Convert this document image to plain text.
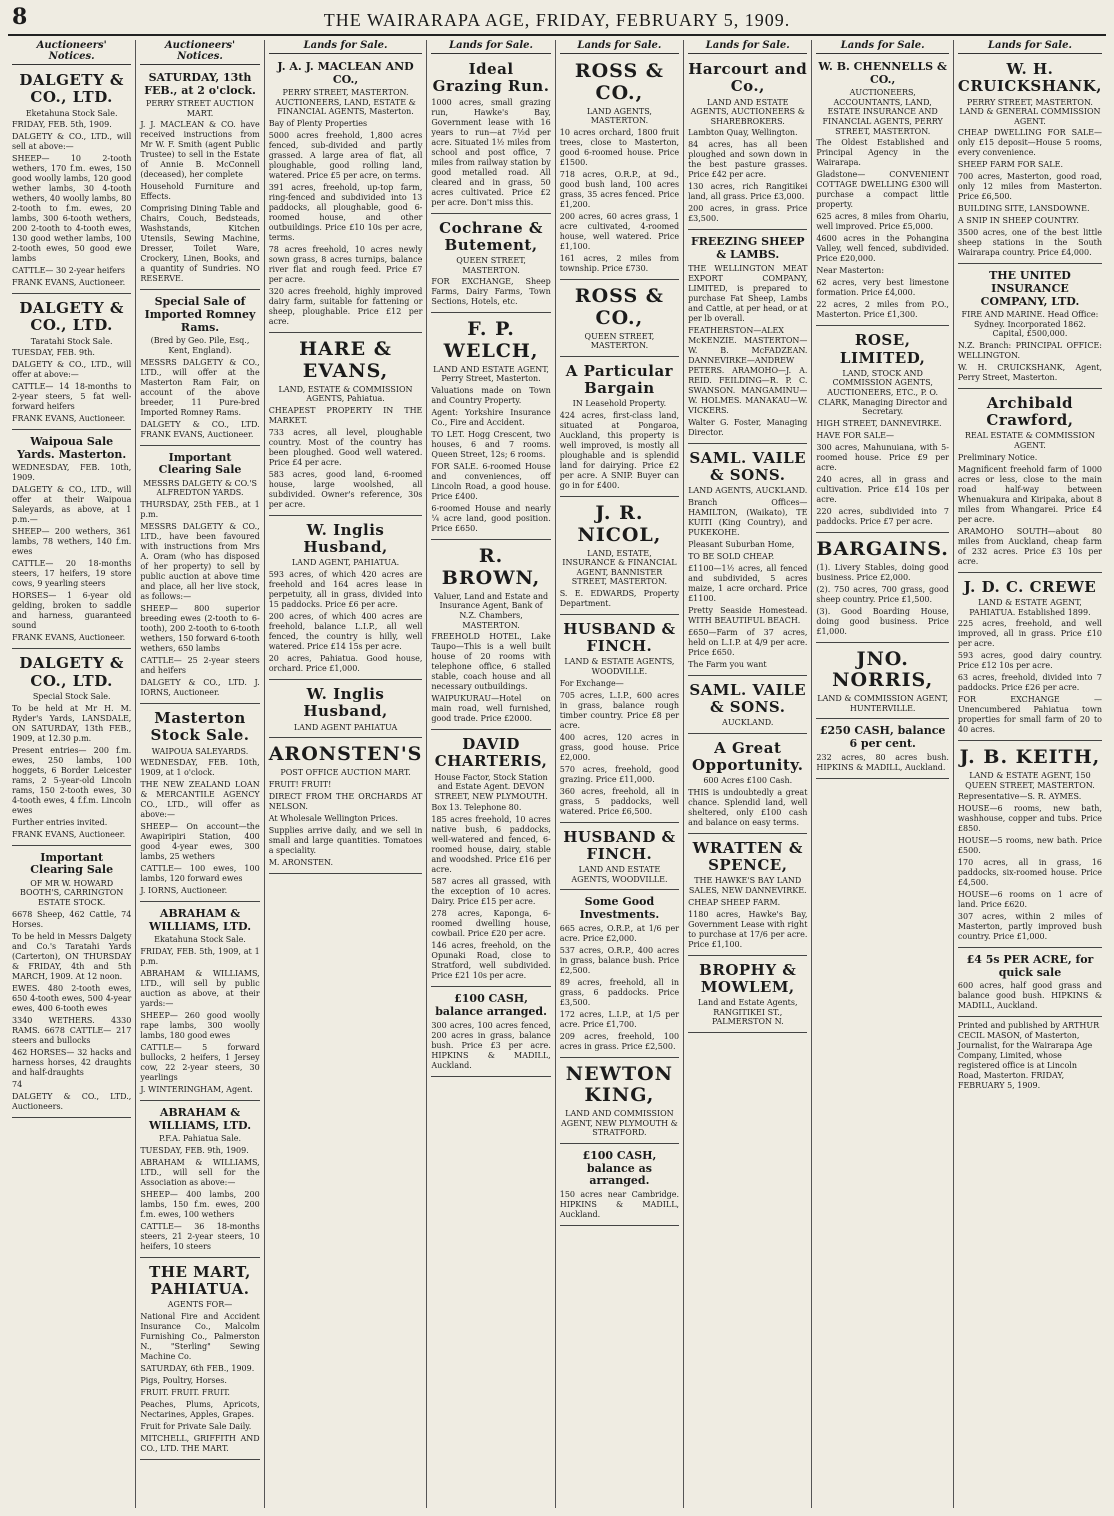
8	THE WAIRARAPA AGE, FRIDAY, FEBRUARY 5, 1909.
Auctioneers' Notices.
DALGETY & CO., LTD.
Eketahuna Stock Sale.
FRIDAY, FEB. 5th, 1909.
DALGETY & CO., LTD., will sell at above:—
SHEEP— 10 2-tooth wethers, 170 f.m. ewes, 150 good woolly lambs, 120 good wether lambs, 30 4-tooth wethers, 40 woolly lambs, 80 2-tooth to f.m. ewes, 20 lambs, 300 6-tooth wethers, 200 2-tooth to 4-tooth ewes, 130 good wether lambs, 100 2-tooth ewes, 50 good ewe lambs
CATTLE— 30 2-year heifers
FRANK EVANS, Auctioneer.
DALGETY & CO., LTD.
Taratahi Stock Sale.
TUESDAY, FEB. 9th.
DALGETY & CO., LTD., will offer at above:—
CATTLE— 14 18-months to 2-year steers, 5 fat well-forward heifers
FRANK EVANS, Auctioneer.
Waipoua Sale Yards. Masterton.
WEDNESDAY, FEB. 10th, 1909.
DALGETY & CO., LTD., will offer at their Waipoua Saleyards, as above, at 1 p.m.—
SHEEP— 200 wethers, 361 lambs, 78 wethers, 140 f.m. ewes
CATTLE— 20 18-months steers, 17 heifers, 19 store cows, 9 yearling steers
HORSES— 1 6-year old gelding, broken to saddle and harness, guaranteed sound
FRANK EVANS, Auctioneer.
DALGETY & CO., LTD.
Special Stock Sale.
To be held at Mr H. M. Ryder's Yards, LANSDALE, ON SATURDAY, 13th FEB., 1909, at 12.30 p.m.
Present entries— 200 f.m. ewes, 250 lambs, 100 hoggets, 6 Border Leicester rams, 2 5-year-old Lincoln rams, 150 2-tooth ewes, 30 4-tooth ewes, 4 f.f.m. Lincoln ewes
Further entries invited.
FRANK EVANS, Auctioneer.
Important Clearing Sale
OF MR W. HOWARD BOOTH'S, CARRINGTON ESTATE STOCK.
6678 Sheep, 462 Cattle, 74 Horses.
To be held in Messrs Dalgety and Co.'s Taratahi Yards (Carterton), ON THURSDAY & FRIDAY, 4th and 5th MARCH, 1909. At 12 noon.
EWES. 480 2-tooth ewes, 650 4-tooth ewes, 500 4-year ewes, 400 6-tooth ewes
3340 WETHERS. 4330 RAMS. 6678 CATTLE— 217 steers and bullocks
462 HORSES— 32 hacks and harness horses, 42 draughts and half-draughts
74
DALGETY & CO., LTD., Auctioneers.
Auctioneers' Notices.
SATURDAY, 13th FEB., at 2 o'clock.
PERRY STREET AUCTION MART.
J. J. MACLEAN & CO. have received instructions from Mr W. F. Smith (agent Public Trustee) to sell in the Estate of Annie B. McConnell (deceased), her complete
Household Furniture and Effects.
Comprising Dining Table and Chairs, Couch, Bedsteads, Washstands, Kitchen Utensils, Sewing Machine, Dresser, Toilet Ware, Crockery, Linen, Books, and a quantity of Sundries. NO RESERVE.
Special Sale of Imported Romney Rams.
(Bred by Geo. Pile, Esq., Kent, England).
MESSRS DALGETY & CO., LTD., will offer at the Masterton Ram Fair, on account of the above breeder, 11 Pure-bred Imported Romney Rams.
DALGETY & CO., LTD. FRANK EVANS, Auctioneer.
Important Clearing Sale
MESSRS DALGETY & CO.'S ALFREDTON YARDS.
THURSDAY, 25th FEB., at 1 p.m.
MESSRS DALGETY & CO., LTD., have been favoured with instructions from Mrs A. Oram (who has disposed of her property) to sell by public auction at above time and place, all her live stock, as follows:—
SHEEP— 800 superior breeding ewes (2-tooth to 6-tooth), 200 2-tooth to 6-tooth wethers, 150 forward 6-tooth wethers, 650 lambs
CATTLE— 25 2-year steers and heifers
DALGETY & CO., LTD. J. IORNS, Auctioneer.
Masterton Stock Sale.
WAIPOUA SALEYARDS.
WEDNESDAY, FEB. 10th, 1909, at 1 o'clock.
THE NEW ZEALAND LOAN & MERCANTILE AGENCY CO., LTD., will offer as above:—
SHEEP— On account—the Awapiripiri Station, 400 good 4-year ewes, 300 lambs, 25 wethers
CATTLE— 100 ewes, 100 lambs, 120 forward ewes
J. IORNS, Auctioneer.
ABRAHAM & WILLIAMS, LTD.
Ekatahuna Stock Sale.
FRIDAY, FEB. 5th, 1909, at 1 p.m.
ABRAHAM & WILLIAMS, LTD., will sell by public auction as above, at their yards:—
SHEEP— 260 good woolly rape lambs, 300 woolly lambs, 180 good ewes
CATTLE— 5 forward bullocks, 2 heifers, 1 Jersey cow, 22 2-year steers, 30 yearlings
J. WINTERINGHAM, Agent.
ABRAHAM & WILLIAMS, LTD.
P.F.A. Pahiatua Sale.
TUESDAY, FEB. 9th, 1909.
ABRAHAM & WILLIAMS, LTD., will sell for the Association as above:—
SHEEP— 400 lambs, 200 lambs, 150 f.m. ewes, 200 f.m. ewes, 100 wethers
CATTLE— 36 18-months steers, 21 2-year steers, 10 heifers, 10 steers
THE MART, PAHIATUA.
AGENTS FOR—
National Fire and Accident Insurance Co., Malcolm Furnishing Co., Palmerston N., "Sterling" Sewing Machine Co.
SATURDAY, 6th FEB., 1909.
Pigs, Poultry, Horses.
FRUIT. FRUIT. FRUIT.
Peaches, Plums, Apricots, Nectarines, Apples, Grapes.
Fruit for Private Sale Daily.
MITCHELL, GRIFFITH AND CO., LTD. THE MART.
Lands for Sale.
J. A. J. MACLEAN AND CO.,
PERRY STREET, MASTERTON. AUCTIONEERS, LAND, ESTATE & FINANCIAL AGENTS, Masterton.
Bay of Plenty Properties
5000 acres freehold, 1,800 acres fenced, sub-divided and partly grassed. A large area of flat, all ploughable, good rolling land, watered. Price £5 per acre, on terms.
391 acres, freehold, up-top farm, ring-fenced and subdivided into 13 paddocks, all ploughable, good 6-roomed house, and other outbuildings. Price £10 10s per acre, terms.
78 acres freehold, 10 acres newly sown grass, 8 acres turnips, balance river flat and rough feed. Price £7 per acre.
320 acres freehold, highly improved dairy farm, suitable for fattening or sheep, ploughable. Price £12 per acre.
HARE & EVANS,
LAND, ESTATE & COMMISSION AGENTS, Pahiatua.
CHEAPEST PROPERTY IN THE MARKET.
733 acres, all level, ploughable country. Most of the country has been ploughed. Good well watered. Price £4 per acre.
583 acres, good land, 6-roomed house, large woolshed, all subdivided. Owner's reference, 30s per acre.
W. Inglis Husband,
LAND AGENT, PAHIATUA.
593 acres, of which 420 acres are freehold and 164 acres lease in perpetuity, all in grass, divided into 15 paddocks. Price £6 per acre.
200 acres, of which 400 acres are freehold, balance L.I.P., all well fenced, the country is hilly, well watered. Price £14 15s per acre.
20 acres, Pahiatua. Good house, orchard. Price £1,000.
W. Inglis Husband,
LAND AGENT PAHIATUA
ARONSTEN'S
POST OFFICE AUCTION MART.
FRUIT! FRUIT!
DIRECT FROM THE ORCHARDS AT NELSON.
At Wholesale Wellington Prices.
Supplies arrive daily, and we sell in small and large quantities. Tomatoes a speciality.
M. ARONSTEN.
Lands for Sale.
Ideal Grazing Run.
1000 acres, small grazing run, Hawke's Bay, Government lease with 16 years to run—at 7½d per acre. Situated 1½ miles from school and post office, 7 miles from railway station by good metalled road. All cleared and in grass, 50 acres cultivated. Price £2 per acre. Don't miss this.
Cochrane & Butement,
QUEEN STREET, MASTERTON.
FOR EXCHANGE, Sheep Farms, Dairy Farms, Town Sections, Hotels, etc.
F. P. WELCH,
LAND AND ESTATE AGENT, Perry Street, Masterton.
Valuations made on Town and Country Property.
Agent: Yorkshire Insurance Co., Fire and Accident.
TO LET. Hogg Crescent, two houses, 6 and 7 rooms. Queen Street, 12s; 6 rooms.
FOR SALE. 6-roomed House and conveniences, off Lincoln Road, a good house. Price £400.
6-roomed House and nearly ¼ acre land, good position. Price £650.
R. BROWN,
Valuer, Land and Estate and Insurance Agent, Bank of N.Z. Chambers, MASTERTON.
FREEHOLD HOTEL, Lake Taupo—This is a well built house of 20 rooms with telephone office, 6 stalled stable, coach house and all necessary outbuildings.
WAIPUKURAU—Hotel on main road, well furnished, good trade. Price £2000.
DAVID CHARTERIS,
House Factor, Stock Station and Estate Agent. DEVON STREET, NEW PLYMOUTH.
Box 13. Telephone 80.
185 acres freehold, 10 acres native bush, 6 paddocks, well-watered and fenced, 6-roomed house, dairy, stable and woodshed. Price £16 per acre.
587 acres all grassed, with the exception of 10 acres. Dairy. Price £15 per acre.
278 acres, Kaponga, 6-roomed dwelling house, cowbail. Price £20 per acre.
146 acres, freehold, on the Opunaki Road, close to Stratford, well subdivided. Price £21 10s per acre.
£100 CASH, balance arranged.
300 acres, 100 acres fenced, 200 acres in grass, balance bush. Price £3 per acre. HIPKINS & MADILL, Auckland.
Lands for Sale.
ROSS & CO.,
LAND AGENTS, MASTERTON.
10 acres orchard, 1800 fruit trees, close to Masterton, good 6-roomed house. Price £1500.
718 acres, O.R.P., at 9d., good bush land, 100 acres grass, 35 acres fenced. Price £1,200.
200 acres, 60 acres grass, 1 acre cultivated, 4-roomed house, well watered. Price £1,100.
161 acres, 2 miles from township. Price £730.
ROSS & CO.,
QUEEN STREET, MASTERTON.
A Particular Bargain
IN Leasehold Property.
424 acres, first-class land, situated at Pongaroa, Auckland, this property is well improved, is mostly all ploughable and is splendid land for dairying. Price £2 per acre. A SNIP. Buyer can go in for £400.
J. R. NICOL,
LAND, ESTATE, INSURANCE & FINANCIAL AGENT, BANNISTER STREET, MASTERTON.
S. E. EDWARDS, Property Department.
HUSBAND & FINCH.
LAND & ESTATE AGENTS, WOODVILLE.
For Exchange—
705 acres, L.I.P., 600 acres in grass, balance rough timber country. Price £8 per acre.
400 acres, 120 acres in grass, good house. Price £2,000.
570 acres, freehold, good grazing. Price £11,000.
360 acres, freehold, all in grass, 5 paddocks, well watered. Price £6,500.
HUSBAND & FINCH.
LAND AND ESTATE AGENTS, WOODVILLE.
Some Good Investments.
665 acres, O.R.P., at 1/6 per acre. Price £2,000.
537 acres, O.R.P., 400 acres in grass, balance bush. Price £2,500.
89 acres, freehold, all in grass, 6 paddocks. Price £3,500.
172 acres, L.I.P., at 1/5 per acre. Price £1,700.
209 acres, freehold, 100 acres in grass. Price £2,500.
NEWTON KING,
LAND AND COMMISSION AGENT, NEW PLYMOUTH & STRATFORD.
£100 CASH, balance as arranged.
150 acres near Cambridge. HIPKINS & MADILL, Auckland.
Lands for Sale.
Harcourt and Co.,
LAND AND ESTATE AGENTS, AUCTIONEERS & SHAREBROKERS.
Lambton Quay, Wellington.
84 acres, has all been ploughed and sown down in the best pasture grasses. Price £42 per acre.
130 acres, rich Rangitikei land, all grass. Price £3,000.
200 acres, in grass. Price £3,500.
FREEZING SHEEP & LAMBS.
THE WELLINGTON MEAT EXPORT COMPANY, LIMITED, is prepared to purchase Fat Sheep, Lambs and Cattle, at per head, or at per lb overall.
FEATHERSTON—ALEX McKENZIE. MASTERTON—W. B. McFADZEAN. DANNEVIRKE—ANDREW PETERS. ARAMOHO—J. A. REID. FEILDING—R. P. C. SWANSON. MANGAMINU—W. HOLMES. MANAKAU—W. VICKERS.
Walter G. Foster, Managing Director.
SAML. VAILE & SONS.
LAND AGENTS, AUCKLAND.
Branch Offices— HAMILTON, (Waikato), TE KUITI (King Country), and PUKEKOHE.
Pleasant Suburban Home,
TO BE SOLD CHEAP.
£1100—1½ acres, all fenced and subdivided, 5 acres maize, 1 acre orchard. Price £1100.
Pretty Seaside Homestead. WITH BEAUTIFUL BEACH.
£650—Farm of 37 acres, held on L.I.P. at 4/9 per acre. Price £650.
The Farm you want
SAML. VAILE & SONS.
AUCKLAND.
A Great Opportunity.
600 Acres £100 Cash.
THIS is undoubtedly a great chance. Splendid land, well sheltered, only £100 cash and balance on easy terms.
WRATTEN & SPENCE,
THE HAWKE'S BAY LAND SALES, NEW DANNEVIRKE.
CHEAP SHEEP FARM.
1180 acres, Hawke's Bay, Government Lease with right to purchase at 17/6 per acre. Price £1,100.
BROPHY & MOWLEM,
Land and Estate Agents, RANGITIKEI ST., PALMERSTON N.
Lands for Sale.
W. B. CHENNELLS & CO.,
AUCTIONEERS, ACCOUNTANTS, LAND, ESTATE INSURANCE AND FINANCIAL AGENTS, PERRY STREET, MASTERTON.
The Oldest Established and Principal Agency in the Wairarapa.
Gladstone— CONVENIENT COTTAGE DWELLING £300 will purchase a compact little property.
625 acres, 8 miles from Ohariu, well improved. Price £5,000.
4600 acres in the Pohangina Valley, well fenced, subdivided. Price £20,000.
Near Masterton:
62 acres, very best limestone formation. Price £4,000.
22 acres, 2 miles from P.O., Masterton. Price £1,300.
ROSE, LIMITED,
LAND, STOCK AND COMMISSION AGENTS, AUCTIONEERS, ETC., P. O. CLARK, Managing Director and Secretary.
HIGH STREET, DANNEVIRKE.
HAVE FOR SALE—
300 acres, Mahunuiana, with 5-roomed house. Price £9 per acre.
240 acres, all in grass and cultivation. Price £14 10s per acre.
220 acres, subdivided into 7 paddocks. Price £7 per acre.
BARGAINS.
(1). Livery Stables, doing good business. Price £2,000.
(2). 750 acres, 700 grass, good sheep country. Price £1,500.
(3). Good Boarding House, doing good business. Price £1,000.
JNO. NORRIS,
LAND & COMMISSION AGENT, HUNTERVILLE.
£250 CASH, balance 6 per cent.
232 acres, 80 acres bush. HIPKINS & MADILL, Auckland.
Lands for Sale.
W. H. CRUICKSHANK,
PERRY STREET, MASTERTON. LAND & GENERAL COMMISSION AGENT.
CHEAP DWELLING FOR SALE—only £15 deposit—House 5 rooms, every convenience.
SHEEP FARM FOR SALE.
700 acres, Masterton, good road, only 12 miles from Masterton. Price £6,500.
BUILDING SITE, LANSDOWNE.
A SNIP IN SHEEP COUNTRY.
3500 acres, one of the best little sheep stations in the South Wairarapa country. Price £4,000.
THE UNITED INSURANCE COMPANY, LTD.
FIRE AND MARINE. Head Office: Sydney. Incorporated 1862. Capital, £500,000.
N.Z. Branch: PRINCIPAL OFFICE: WELLINGTON.
W. H. CRUICKSHANK, Agent, Perry Street, Masterton.
Archibald Crawford,
REAL ESTATE & COMMISSION AGENT.
Preliminary Notice.
Magnificent freehold farm of 1000 acres or less, close to the main road half-way between Whenuakura and Kiripaka, about 8 miles from Whangarei. Price £4 per acre.
ARAMOHO SOUTH—about 80 miles from Auckland, cheap farm of 232 acres. Price £3 10s per acre.
J. D. C. CREWE
LAND & ESTATE AGENT, PAHIATUA. Established 1899.
225 acres, freehold, and well improved, all in grass. Price £10 per acre.
593 acres, good dairy country. Price £12 10s per acre.
63 acres, freehold, divided into 7 paddocks. Price £26 per acre.
FOR EXCHANGE — Unencumbered Pahiatua town properties for small farm of 20 to 40 acres.
J. B. KEITH,
LAND & ESTATE AGENT, 150 QUEEN STREET, MASTERTON.
Representative—S. R. AYMES.
HOUSE—6 rooms, new bath, washhouse, copper and tubs. Price £850.
HOUSE—5 rooms, new bath. Price £500.
170 acres, all in grass, 16 paddocks, six-roomed house. Price £4,500.
HOUSE—6 rooms on 1 acre of land. Price £620.
307 acres, within 2 miles of Masterton, partly improved bush country. Price £1,000.
£4 5s PER ACRE, for quick sale
600 acres, half good grass and balance good bush. HIPKINS & MADILL, Auckland.
Printed and published by ARTHUR CECIL MASON, of Masterton, Journalist, for the Wairarapa Age Company, Limited, whose registered office is at Lincoln Road, Masterton. FRIDAY, FEBRUARY 5, 1909.
